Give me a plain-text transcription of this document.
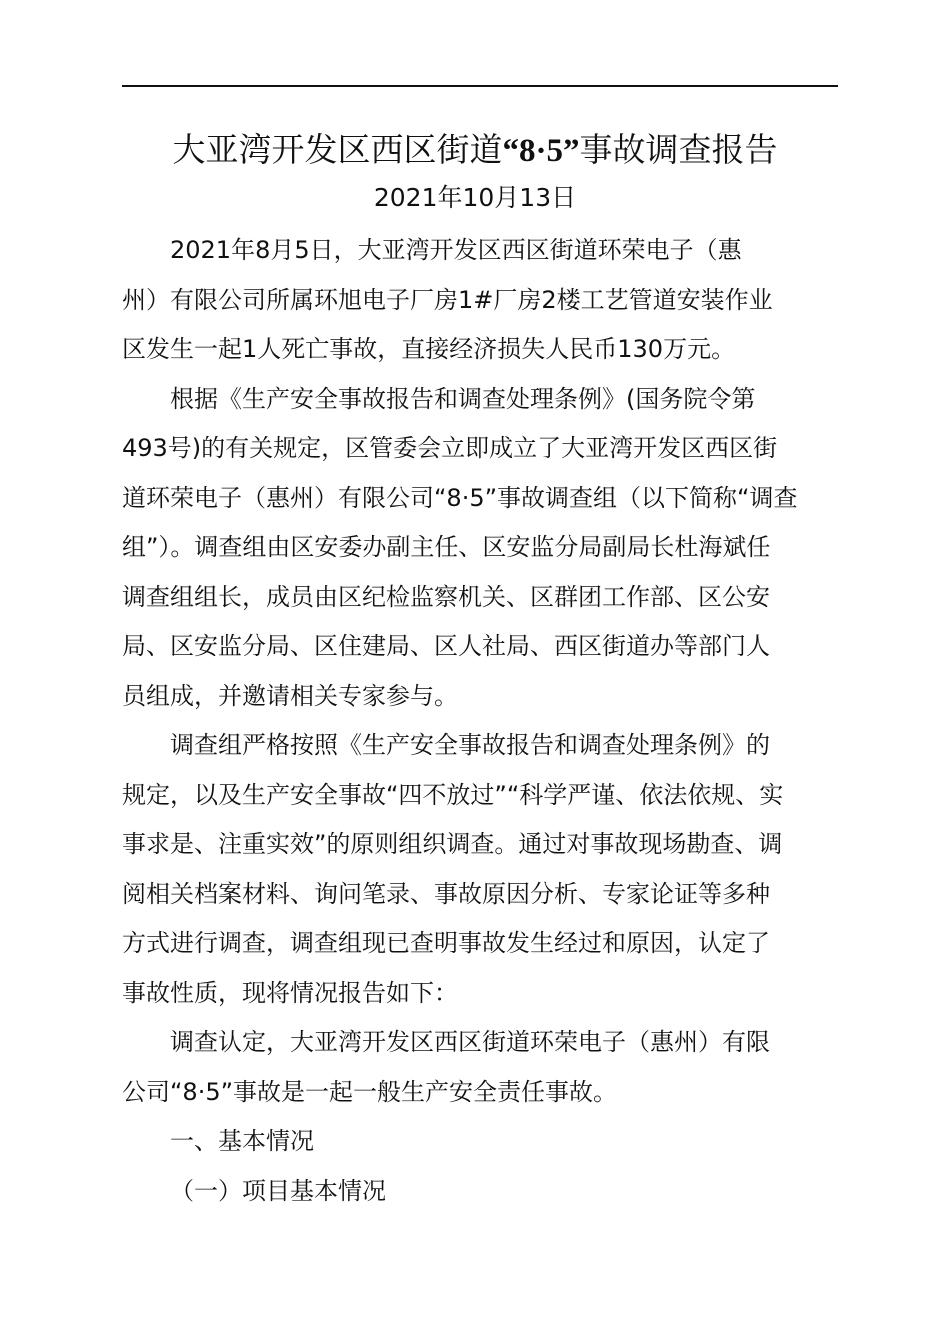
大亚湾开发区西区街道“8·5”事故调查报告
2021年10月13日

2021年8月5日，大亚湾开发区西区街道环荣电子（惠
州）有限公司所属环旭电子厂房1#厂房2楼工艺管道安装作业
区发生一起1人死亡事故，直接经济损失人民币130万元。

根据《生产安全事故报告和调查处理条例》(国务院令第
493号)的有关规定，区管委会立即成立了大亚湾开发区西区街
道环荣电子（惠州）有限公司“8·5”事故调查组（以下简称“调查
组”）。调查组由区安委办副主任、区安监分局副局长杜海斌任
调查组组长，成员由区纪检监察机关、区群团工作部、区公安
局、区安监分局、区住建局、区人社局、西区街道办等部门人
员组成，并邀请相关专家参与。

调查组严格按照《生产安全事故报告和调查处理条例》的
规定，以及生产安全事故“四不放过”“科学严谨、依法依规、实
事求是、注重实效”的原则组织调查。通过对事故现场勘查、调
阅相关档案材料、询问笔录、事故原因分析、专家论证等多种
方式进行调查，调查组现已查明事故发生经过和原因，认定了
事故性质，现将情况报告如下：

调查认定，大亚湾开发区西区街道环荣电子（惠州）有限
公司“8·5”事故是一起一般生产安全责任事故。

一、基本情况

（一）项目基本情况
